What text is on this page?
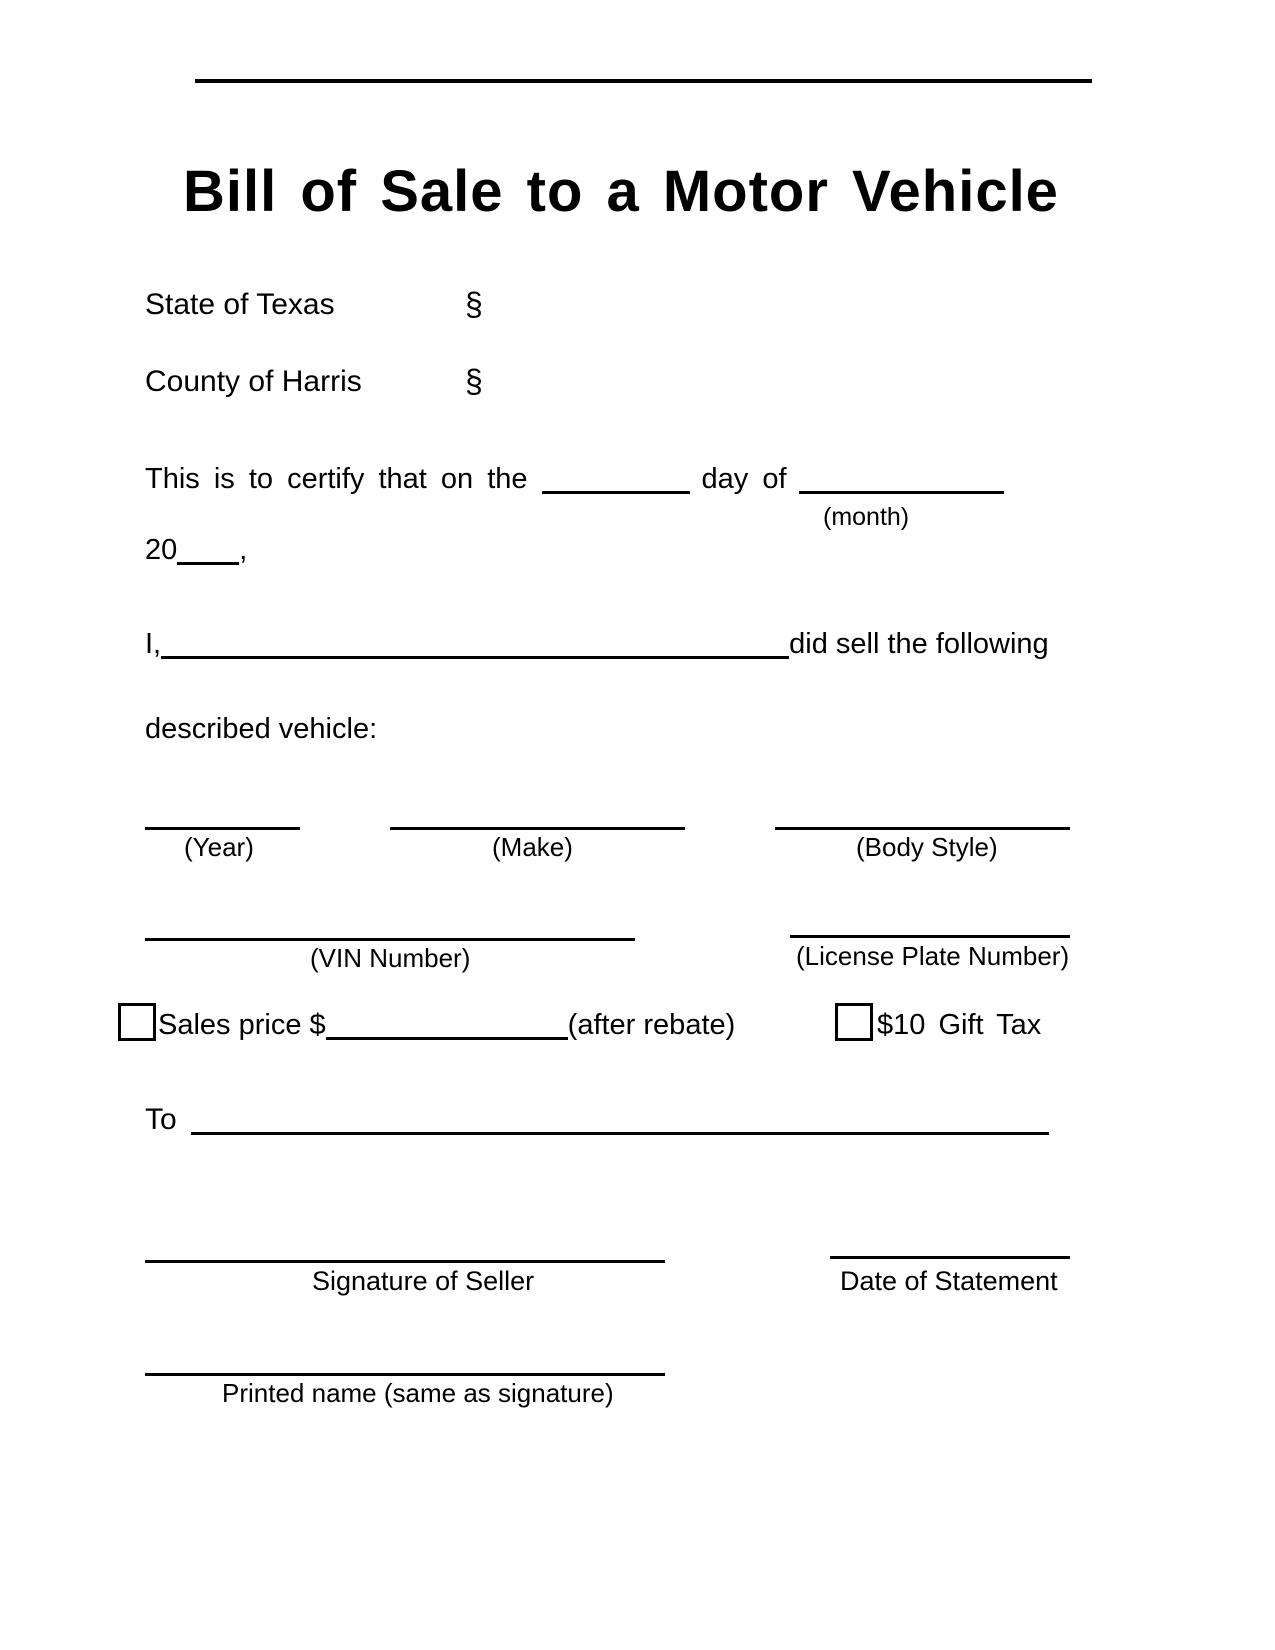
Bill of Sale to a Motor Vehicle
State of Texas	§
County of Harris	§
This is to certify that on the	day of
(month)
20 ,
I,	did sell the following
described vehicle:
(Year)	(Make)	(Body Style)
(VIN Number)	(License Plate Number)
Sales price $	(after rebate)	$10 Gift Tax
To
Signature of Seller	Date of Statement
Printed name (same as signature)
